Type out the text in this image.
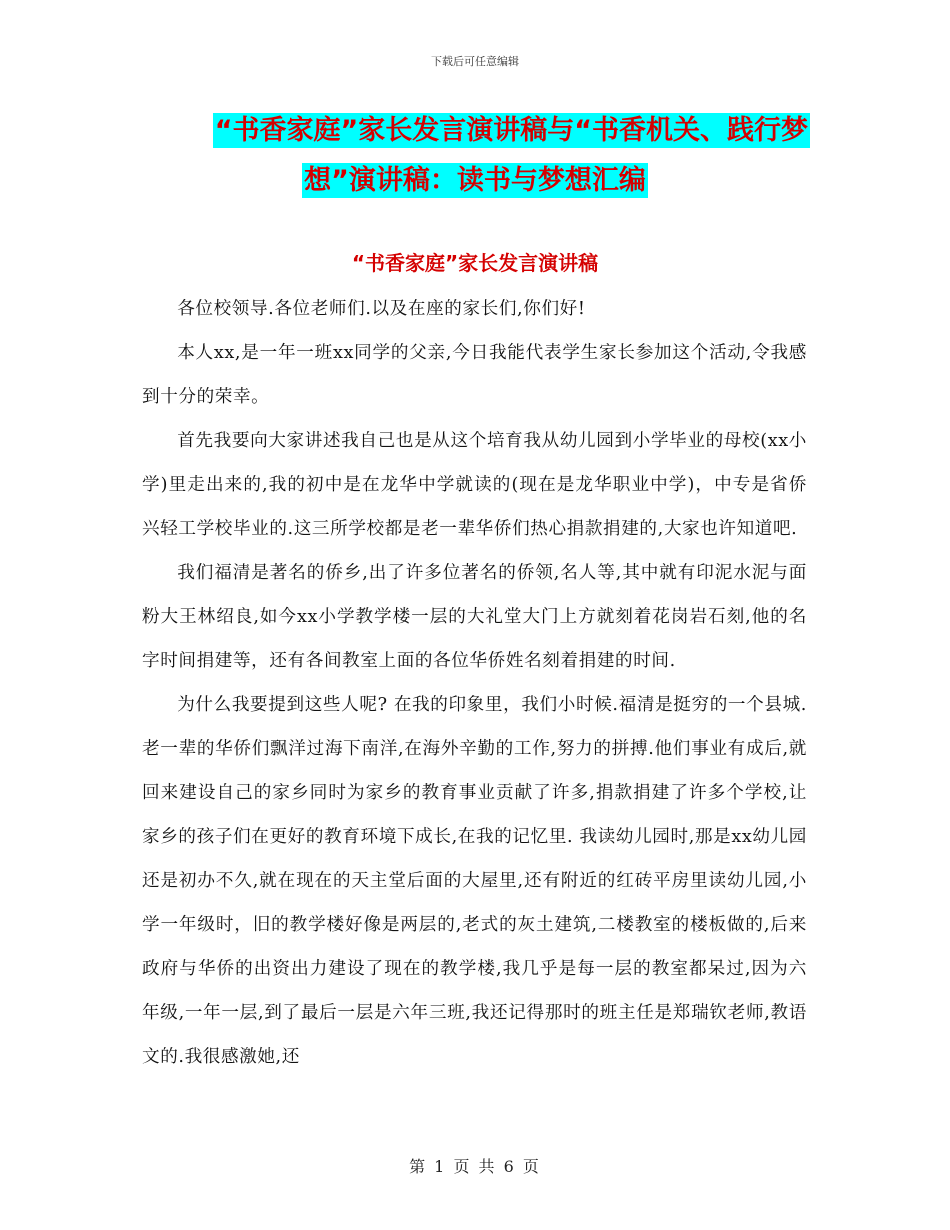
下载后可任意编辑
“书香家庭”家长发言演讲稿与“书香机关、践行梦
想”演讲稿：读书与梦想汇编
“书香家庭”家长发言演讲稿

各位校领导.各位老师们.以及在座的家长们,你们好!

本人xx,是一年一班xx同学的父亲,今日我能代表学生家长参加这个活动,令我感到十分的荣幸。

首先我要向大家讲述我自己也是从这个培育我从幼儿园到小学毕业的母校(xx小学)里走出来的,我的初中是在龙华中学就读的(现在是龙华职业中学)，中专是省侨兴轻工学校毕业的.这三所学校都是老一辈华侨们热心捐款捐建的,大家也许知道吧.

我们福清是著名的侨乡,出了许多位著名的侨领,名人等,其中就有印泥水泥与面粉大王林绍良,如今xx小学教学楼一层的大礼堂大门上方就刻着花岗岩石刻,他的名字时间捐建等，还有各间教室上面的各位华侨姓名刻着捐建的时间.

为什么我要提到这些人呢? 在我的印象里，我们小时候.福清是挺穷的一个县城.老一辈的华侨们飘洋过海下南洋,在海外辛勤的工作,努力的拼搏.他们事业有成后,就回来建设自己的家乡同时为家乡的教育事业贡献了许多,捐款捐建了许多个学校,让家乡的孩子们在更好的教育环境下成长,在我的记忆里. 我读幼儿园时,那是xx幼儿园还是初办不久,就在现在的天主堂后面的大屋里,还有附近的红砖平房里读幼儿园,小学一年级时，旧的教学楼好像是两层的,老式的灰土建筑,二楼教室的楼板做的,后来政府与华侨的出资出力建设了现在的教学楼,我几乎是每一层的教室都呆过,因为六年级,一年一层,到了最后一层是六年三班,我还记得那时的班主任是郑瑞钦老师,教语文的.我很感激她,还

第 1 页 共 6 页
